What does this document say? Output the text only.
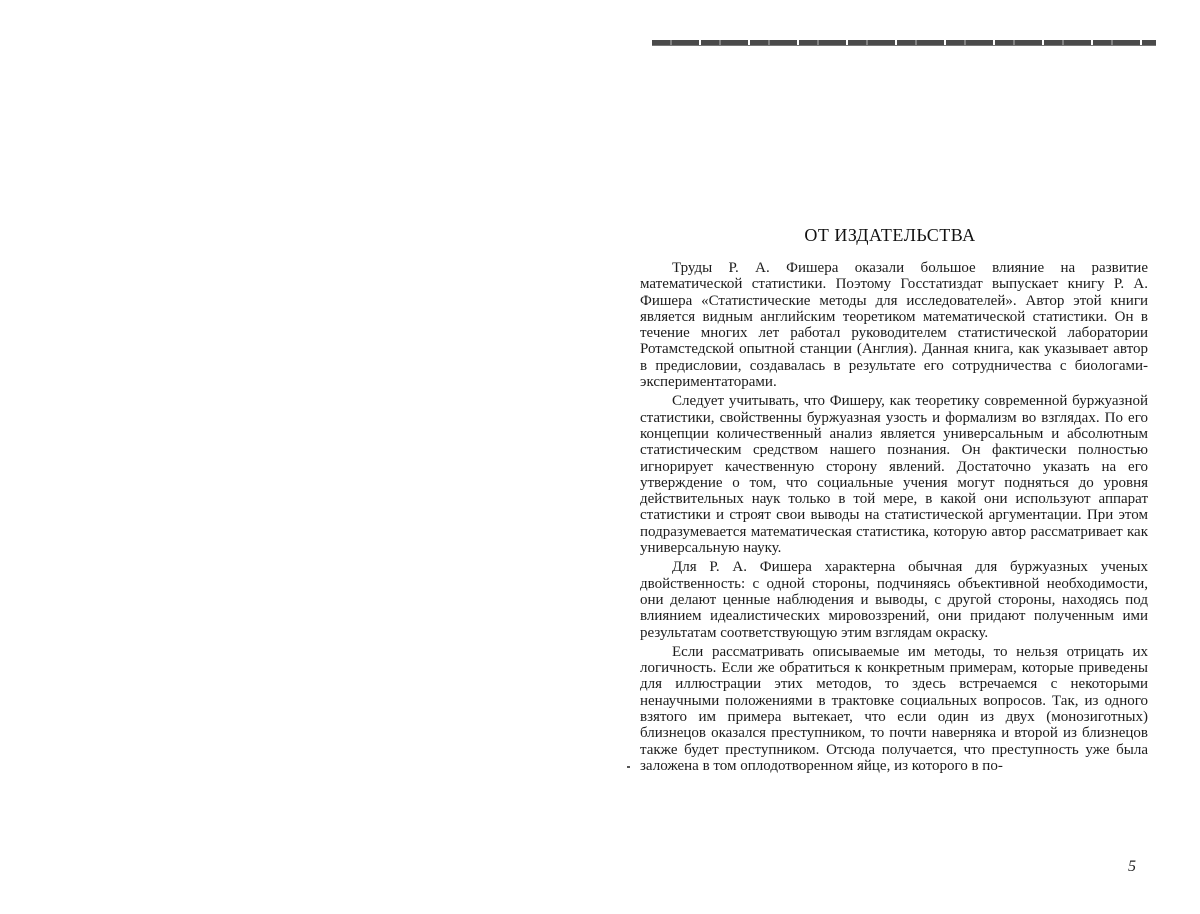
ОТ ИЗДАТЕЛЬСТВА

Труды Р. А. Фишера оказали большое влияние на развитие математической статистики. Поэтому Госстатиздат выпускает книгу Р. А. Фишера «Статистические методы для исследователей». Автор этой книги является видным английским теоретиком математической статистики. Он в течение многих лет работал руководителем статистической лаборатории Ротамстедской опытной станции (Англия). Данная книга, как указывает автор в предисловии, создавалась в результате его сотрудничества с биологами-экспериментаторами.

Следует учитывать, что Фишеру, как теоретику современной буржуазной статистики, свойственны буржуазная узость и формализм во взглядах. По его концепции количественный анализ является универсальным и абсолютным статистическим средством нашего познания. Он фактически полностью игнорирует качественную сторону явлений. Достаточно указать на его утверждение о том, что социальные учения могут подняться до уровня действительных наук только в той мере, в какой они используют аппарат статистики и строят свои выводы на статистической аргументации. При этом подразумевается математическая статистика, которую автор рассматривает как универсальную науку.

Для Р. А. Фишера характерна обычная для буржуазных ученых двойственность: с одной стороны, подчиняясь объективной необходимости, они делают ценные наблюдения и выводы, с другой стороны, находясь под влиянием идеалистических мировоззрений, они придают полученным ими результатам соответствующую этим взглядам окраску.

Если рассматривать описываемые им методы, то нельзя отрицать их логичность. Если же обратиться к конкретным примерам, которые приведены для иллюстрации этих методов, то здесь встречаемся с некоторыми ненаучными положениями в трактовке социальных вопросов. Так, из одного взятого им примера вытекает, что если один из двух (монозиготных) близнецов оказался преступником, то почти наверняка и второй из близнецов также будет преступником. Отсюда получается, что преступность уже была заложена в том оплодотворенном яйце, из которого в по-

5
